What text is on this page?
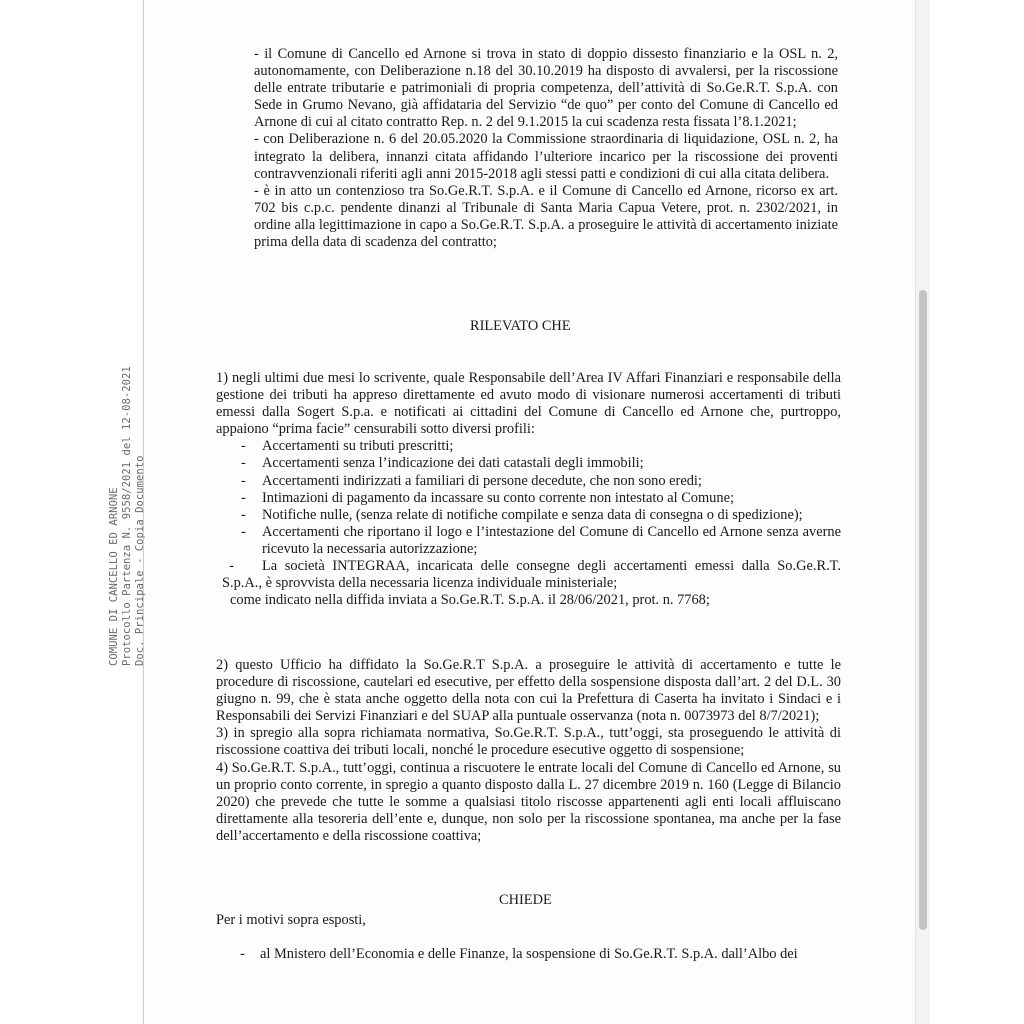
COMUNE DI CANCELLO ED ARNONE Protocollo Partenza N. 9558/2021 del 12-08-2021 Doc. Principale - Copia Documento

- il Comune di Cancello ed Arnone si trova in stato di doppio dissesto finanziario e la OSL n. 2, autonomamente, con Deliberazione n.18 del 30.10.2019 ha disposto di avvalersi, per la riscossione delle entrate tributarie e patrimoniali di propria competenza, dell’attività di So.Ge.R.T. S.p.A. con Sede in Grumo Nevano, già affidataria del Servizio “de quo” per conto del Comune di Cancello ed Arnone di cui al citato contratto Rep. n. 2 del 9.1.2015 la cui scadenza resta fissata l’8.1.2021;

- con Deliberazione n. 6 del 20.05.2020 la Commissione straordinaria di liquidazione, OSL n. 2, ha integrato la delibera, innanzi citata affidando l’ulteriore incarico per la riscossione dei proventi contravvenzionali riferiti agli anni 2015-2018 agli stessi patti e condizioni di cui alla citata delibera.

- è in atto un contenzioso tra So.Ge.R.T. S.p.A. e il Comune di Cancello ed Arnone, ricorso ex art. 702 bis c.p.c. pendente dinanzi al Tribunale di Santa Maria Capua Vetere, prot. n. 2302/2021, in ordine alla legittimazione in capo a So.Ge.R.T. S.p.A. a proseguire le attività di accertamento iniziate prima della data di scadenza del contratto;

RILEVATO CHE

1) negli ultimi due mesi lo scrivente, quale Responsabile dell’Area IV Affari Finanziari e responsabile della gestione dei tributi ha appreso direttamente ed avuto modo di visionare numerosi accertamenti di tributi emessi dalla Sogert S.p.a. e notificati ai cittadini del Comune di Cancello ed Arnone che, purtroppo, appaiono “prima facie” censurabili sotto diversi profili:

- Accertamenti su tributi prescritti;
- Accertamenti senza l’indicazione dei dati catastali degli immobili;
- Accertamenti indirizzati a familiari di persone decedute, che non sono eredi;
- Intimazioni di pagamento da incassare su conto corrente non intestato al Comune;
- Notifiche nulle, (senza relate di notifiche compilate e senza data di consegna o di spedizione);
- Accertamenti che riportano il logo e l’intestazione del Comune di Cancello ed Arnone senza averne ricevuto la necessaria autorizzazione;

- La società INTEGRAA, incaricata delle consegne degli accertamenti emessi dalla So.Ge.R.T. S.p.A., è sprovvista della necessaria licenza individuale ministeriale;

come indicato nella diffida inviata a So.Ge.R.T. S.p.A. il 28/06/2021, prot. n. 7768;

2) questo Ufficio ha diffidato la So.Ge.R.T S.p.A. a proseguire le attività di accertamento e tutte le procedure di riscossione, cautelari ed esecutive, per effetto della sospensione disposta dall’art. 2 del D.L. 30 giugno n. 99, che è stata anche oggetto della nota con cui la Prefettura di Caserta ha invitato i Sindaci e i Responsabili dei Servizi Finanziari e del SUAP alla puntuale osservanza (nota n. 0073973 del 8/7/2021);

3) in spregio alla sopra richiamata normativa, So.Ge.R.T. S.p.A., tutt’oggi, sta proseguendo le attività di riscossione coattiva dei tributi locali, nonché le procedure esecutive oggetto di sospensione;

4) So.Ge.R.T. S.p.A., tutt’oggi, continua a riscuotere le entrate locali del Comune di Cancello ed Arnone, su un proprio conto corrente, in spregio a quanto disposto dalla L. 27 dicembre 2019 n. 160 (Legge di Bilancio 2020) che prevede che tutte le somme a qualsiasi titolo riscosse appartenenti agli enti locali affluiscano direttamente alla tesoreria dell’ente e, dunque, non solo per la riscossione spontanea, ma anche per la fase dell’accertamento e della riscossione coattiva;

CHIEDE
Per i motivi sopra esposti,
- al Mnistero dell’Economia e delle Finanze, la sospensione di So.Ge.R.T. S.p.A. dall’Albo dei
